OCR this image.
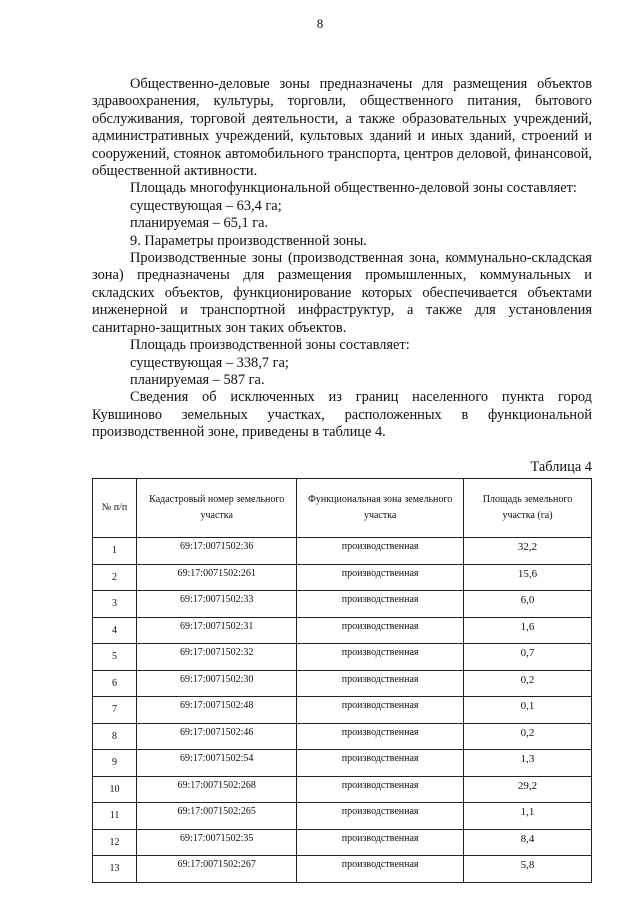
8

Общественно-деловые зоны предназначены для размещения объектов здравоохранения, культуры, торговли, общественного питания, бытового обслуживания, торговой деятельности, а также образовательных учреждений, административных учреждений, культовых зданий и иных зданий, строений и сооружений, стоянок автомобильного транспорта, центров деловой, финансовой, общественной активности.

Площадь многофункциональной общественно-деловой зоны составляет:

существующая – 63,4 га;

планируемая – 65,1 га.

9. Параметры производственной зоны.

Производственные зоны (производственная зона, коммунально-складская зона) предназначены для размещения промышленных, коммунальных и складских объектов, функционирование которых обеспечивается объектами инженерной и транспортной инфраструктур, а также для установления санитарно-защитных зон таких объектов.

Площадь производственной зоны составляет:

существующая – 338,7 га;

планируемая – 587 га.

Сведения об исключенных из границ населенного пункта город Кувшиново земельных участках, расположенных в функциональной производственной зоне, приведены в таблице 4.

Таблица 4
№ п/п	Кадастровый номер земельного участка	Функциональная зона земельного участка	Площадь земельного участка (га)
1	69:17:0071502:36	производственная	32,2
2	69:17:0071502:261	производственная	15,6
3	69:17:0071502:33	производственная	6,0
4	69:17:0071502:31	производственная	1,6
5	69:17:0071502:32	производственная	0,7
6	69:17:0071502:30	производственная	0,2
7	69:17:0071502:48	производственная	0,1
8	69:17:0071502:46	производственная	0,2
9	69:17:0071502:54	производственная	1,3
10	69:17:0071502:268	производственная	29,2
11	69:17:0071502:265	производственная	1,1
12	69:17:0071502:35	производственная	8,4
13	69:17:0071502:267	производственная	5,8
